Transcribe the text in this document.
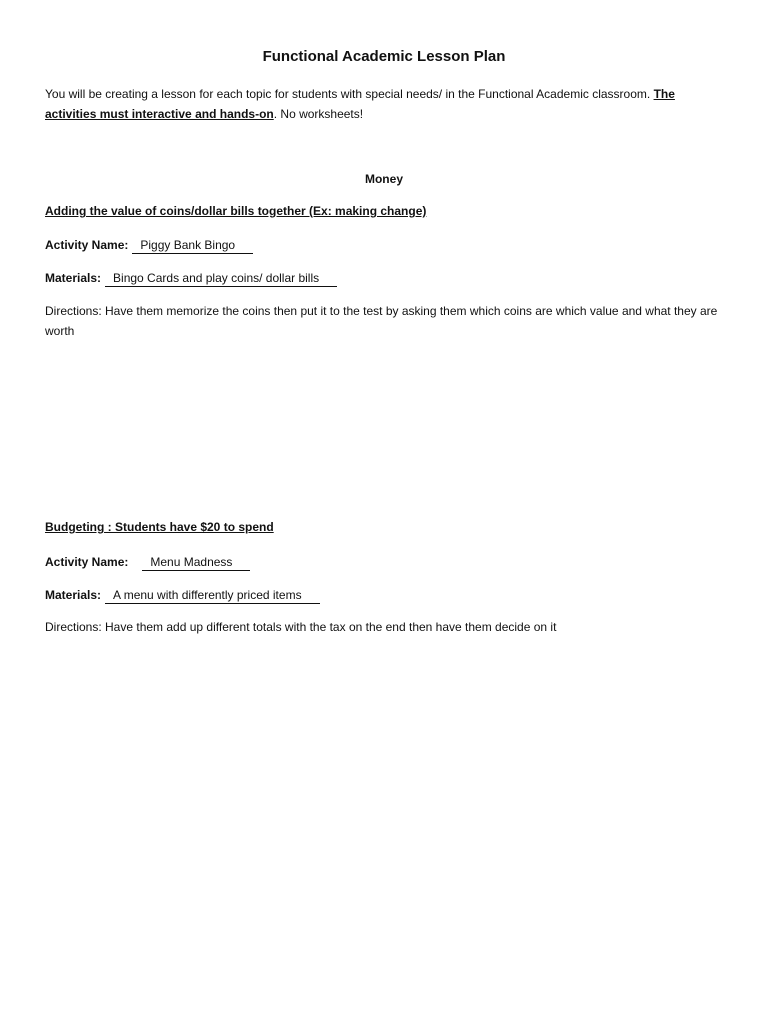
Functional Academic Lesson Plan
You will be creating a lesson for each topic for students with special needs/ in the Functional Academic classroom. The activities must interactive and hands-on. No worksheets!
Money
Adding the value of coins/dollar bills together (Ex: making change)
Activity Name: Piggy Bank Bingo
Materials: Bingo Cards and play coins/ dollar bills
Directions: Have them memorize the coins then put it to the test by asking them which coins are which value and what they are worth
Budgeting : Students have $20 to spend
Activity Name: Menu Madness
Materials: A menu with differently priced items
Directions: Have them add up different totals with the tax on the end then have them decide on it
